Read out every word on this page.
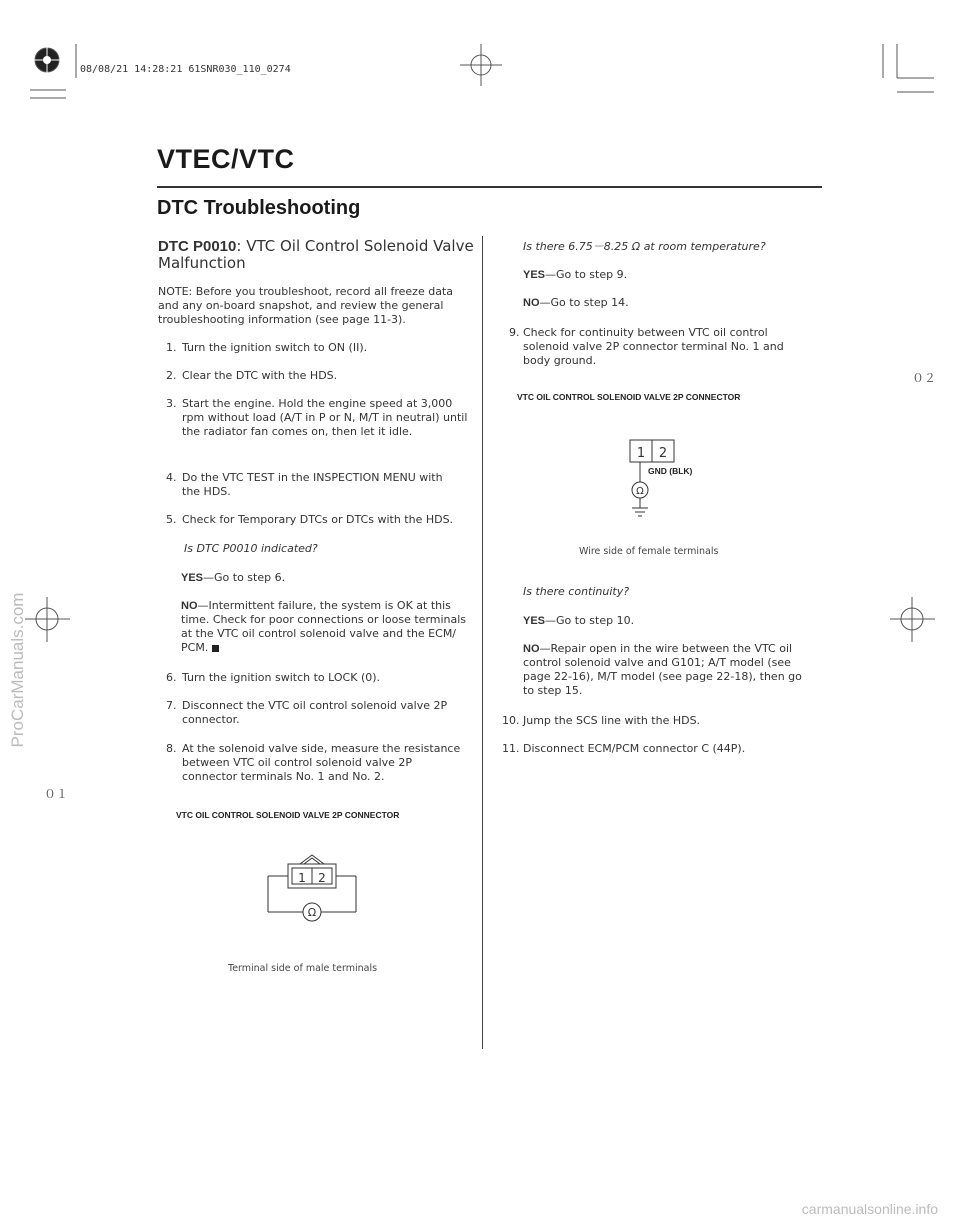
08/08/21 14:28:21 61SNR030_110_0274
VTEC/VTC
DTC Troubleshooting
DTC P0010: VTC Oil Control Solenoid Valve Malfunction
NOTE: Before you troubleshoot, record all freeze data and any on-board snapshot, and review the general troubleshooting information (see page 11-3).
1. Turn the ignition switch to ON (II).
2. Clear the DTC with the HDS.
3. Start the engine. Hold the engine speed at 3,000 rpm without load (A/T in P or N, M/T in neutral) until the radiator fan comes on, then let it idle.
4. Do the VTC TEST in the INSPECTION MENU with the HDS.
5. Check for Temporary DTCs or DTCs with the HDS.
Is DTC P0010 indicated?
YES—Go to step 6.
NO—Intermittent failure, the system is OK at this time. Check for poor connections or loose terminals at the VTC oil control solenoid valve and the ECM/ PCM.
6. Turn the ignition switch to LOCK (0).
7. Disconnect the VTC oil control solenoid valve 2P connector.
8. At the solenoid valve side, measure the resistance between VTC oil control solenoid valve 2P connector terminals No. 1 and No. 2.
VTC OIL CONTROL SOLENOID VALVE 2P CONNECTOR
1 2
Ω
Terminal side of male terminals
Is there 6.75－8.25 Ω at room temperature?
YES—Go to step 9.
NO—Go to step 14.
9. Check for continuity between VTC oil control solenoid valve 2P connector terminal No. 1 and body ground.
VTC OIL CONTROL SOLENOID VALVE 2P CONNECTOR
1 2
Ω
GND (BLK)
Wire side of female terminals
Is there continuity?
YES—Go to step 10.
NO—Repair open in the wire between the VTC oil control solenoid valve and G101; A/T model (see page 22-16), M/T model (see page 22-18), then go to step 15.
10. Jump the SCS line with the HDS.
11. Disconnect ECM/PCM connector C (44P).
０２
０１
ProCarManuals.com
carmanualsonline.info
